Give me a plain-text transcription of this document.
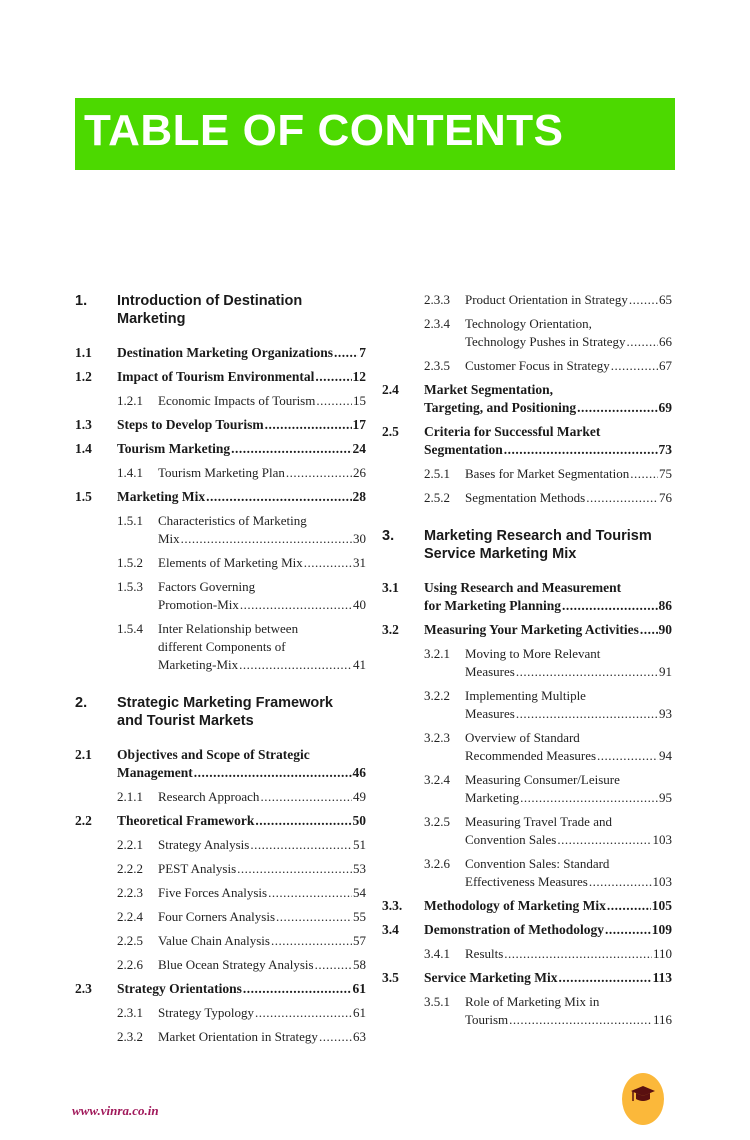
TABLE OF CONTENTS
1. Introduction of Destination
Marketing
1.1 Destination Marketing Organizations ..... 7
1.2 Impact of Tourism Environmental .....	12
1.2.1 Economic Impacts of Tourism .....	15
1.3 Steps to Develop Tourism .....	17
1.4 Tourism Marketing .....	24
1.4.1 Tourism Marketing Plan .....	26
1.5 Marketing Mix .....	28
1.5.1 Characteristics of Marketing
Mix .....	30
1.5.2 Elements of Marketing Mix .....	31
1.5.3 Factors Governing
Promotion-Mix .....	40
1.5.4 Inter Relationship between
different Components of
Marketing-Mix .....	41
2. Strategic Marketing Framework
and Tourist Markets
2.1 Objectives and Scope of Strategic
Management .....	46
2.1.1 Research Approach .....	49
2.2 Theoretical Framework .....	50
2.2.1 Strategy Analysis .....	51
2.2.2 PEST Analysis .....	53
2.2.3 Five Forces Analysis .....	54
2.2.4 Four Corners Analysis .....	55
2.2.5 Value Chain Analysis .....	57
2.2.6 Blue Ocean Strategy Analysis .....	58
2.3 Strategy Orientations .....	61
2.3.1 Strategy Typology .....	61
2.3.2 Market Orientation in Strategy .....	63
2.3.3 Product Orientation in Strategy ..... 65
2.3.4 Technology Orientation,
Technology Pushes in Strategy .....	66
2.3.5 Customer Focus in Strategy .....	67
2.4 Market Segmentation,
Targeting, and Positioning .....	69
2.5 Criteria for Successful Market
Segmentation .....	73
2.5.1 Bases for Market Segmentation ..... 75
2.5.2 Segmentation Methods .....	76
3. Marketing Research and Tourism
Service Marketing Mix
3.1 Using Research and Measurement
for Marketing Planning .....	86
3.2 Measuring Your Marketing Activities ..... 90
3.2.1 Moving to More Relevant
Measures .....	91
3.2.2 Implementing Multiple
Measures .....	93
3.2.3 Overview of Standard
Recommended Measures .....	94
3.2.4 Measuring Consumer/Leisure
Marketing .....	95
3.2.5 Measuring Travel Trade and
Convention Sales .....	103
3.2.6 Convention Sales: Standard
Effectiveness Measures .....	103
3.3. Methodology of Marketing Mix .....	105
3.4 Demonstration of Methodology .....	109
3.4.1 Results .....	110
3.5 Service Marketing Mix .....	113
3.5.1 Role of Marketing Mix in
Tourism .....	116
www.vinra.co.in
